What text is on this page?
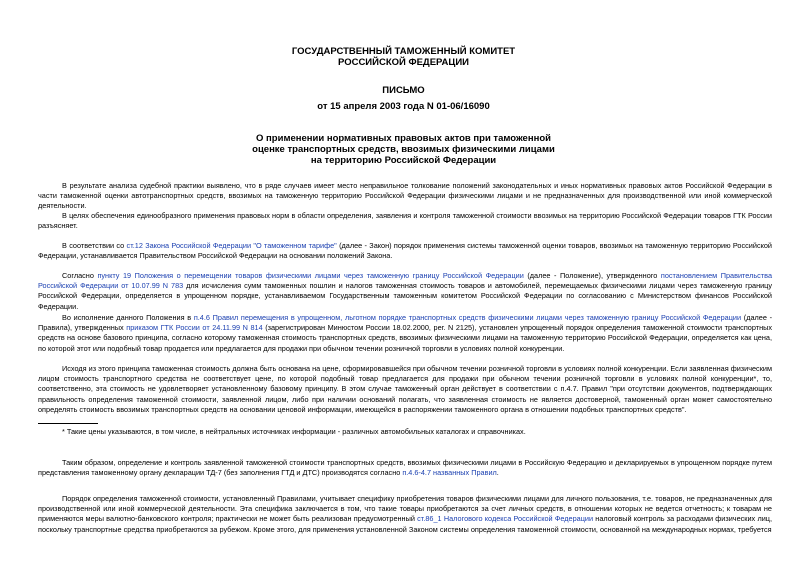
ГОСУДАРСТВЕННЫЙ ТАМОЖЕННЫЙ КОМИТЕТ
РОССИЙСКОЙ ФЕДЕРАЦИИ
ПИСЬМО
от 15 апреля 2003 года N 01-06/16090
О применении нормативных правовых актов при таможенной
оценке транспортных средств, ввозимых физическими лицами
на территорию Российской Федерации

В результате анализа судебной практики выявлено, что в ряде случаев имеет место неправильное толкование положений законодательных и иных нормативных правовых актов Российской Федерации в части таможенной оценки автотранспортных средств, ввозимых на таможенную территорию Российской Федерации физическими лицами и не предназначенных для производственной или иной коммерческой деятельности.

В целях обеспечения единообразного применения правовых норм в области определения, заявления и контроля таможенной стоимости ввозимых на территорию Российской Федерации товаров ГТК России разъясняет.

В соответствии со ст.12 Закона Российской Федерации "О таможенном тарифе" (далее - Закон) порядок применения системы таможенной оценки товаров, ввозимых на таможенную территорию Российской Федерации, устанавливается Правительством Российской Федерации на основании положений Закона.

Согласно пункту 19 Положения о перемещении товаров физическими лицами через таможенную границу Российской Федерации (далее - Положение), утвержденного постановлением Правительства Российской Федерации от 10.07.99 N 783 для исчисления сумм таможенных пошлин и налогов таможенная стоимость товаров и автомобилей, перемещаемых физическими лицами через таможенную границу Российской Федерации, определяется в упрощенном порядке, устанавливаемом Государственным таможенным комитетом Российской Федерации по согласованию с Министерством финансов Российской Федерации.

Во исполнение данного Положения в п.4.6 Правил перемещения в упрощенном, льготном порядке транспортных средств физическими лицами через таможенную границу Российской Федерации (далее - Правила), утвержденных приказом ГТК России от 24.11.99 N 814 (зарегистрирован Минюстом России 18.02.2000, рег. N 2125), установлен упрощенный порядок определения таможенной стоимости транспортных средств на основе базового принципа, согласно которому таможенная стоимость транспортных средств, ввозимых физическими лицами на таможенную территорию Российской Федерации, определяется как цена, по которой этот или подобный товар продается или предлагается для продажи при обычном течении розничной торговли в условиях полной конкуренции.

Исходя из этого принципа таможенная стоимость должна быть основана на цене, сформировавшейся при обычном течении розничной торговли в условиях полной конкуренции. Если заявленная физическим лицом стоимость транспортного средства не соответствует цене, по которой подобный товар предлагается для продажи при обычном течении розничной торговли в условиях полной конкуренции*, то, соответственно, эта стоимость не удовлетворяет установленному базовому принципу. В этом случае таможенный орган действует в соответствии с п.4.7. Правил "при отсутствии документов, подтверждающих правильность определения таможенной стоимости, заявленной лицом, либо при наличии оснований полагать, что заявленная стоимость не является достоверной, таможенный орган может самостоятельно определять стоимость ввозимых транспортных средств на основании ценовой информации, имеющейся в распоряжении таможенного органа в отношении подобных транспортных средств".

* Такие цены указываются, в том числе, в нейтральных источниках информации - различных автомобильных каталогах и справочниках.

Таким образом, определение и контроль заявленной таможенной стоимости транспортных средств, ввозимых физическими лицами в Российскую Федерацию и декларируемых в упрощенном порядке путем представления таможенному органу декларации ТД-7 (без заполнения ГТД и ДТС) производятся согласно п.4.6-4.7 названных Правил.

Порядок определения таможенной стоимости, установленный Правилами, учитывает специфику приобретения товаров физическими лицами для личного пользования, т.е. товаров, не предназначенных для производственной или иной коммерческой деятельности. Эта специфика заключается в том, что такие товары приобретаются за счет личных средств, в отношении которых не ведется отчетность; к товарам не применяются меры валютно-банковского контроля; практически не может быть реализован предусмотренный ст.86_1 Налогового кодекса Российской Федерации налоговый контроль за расходами физических лиц, поскольку транспортные средства приобретаются за рубежом. Кроме этого, для применения установленной Законом системы определения таможенной стоимости, основанной на международных нормах, требуется
